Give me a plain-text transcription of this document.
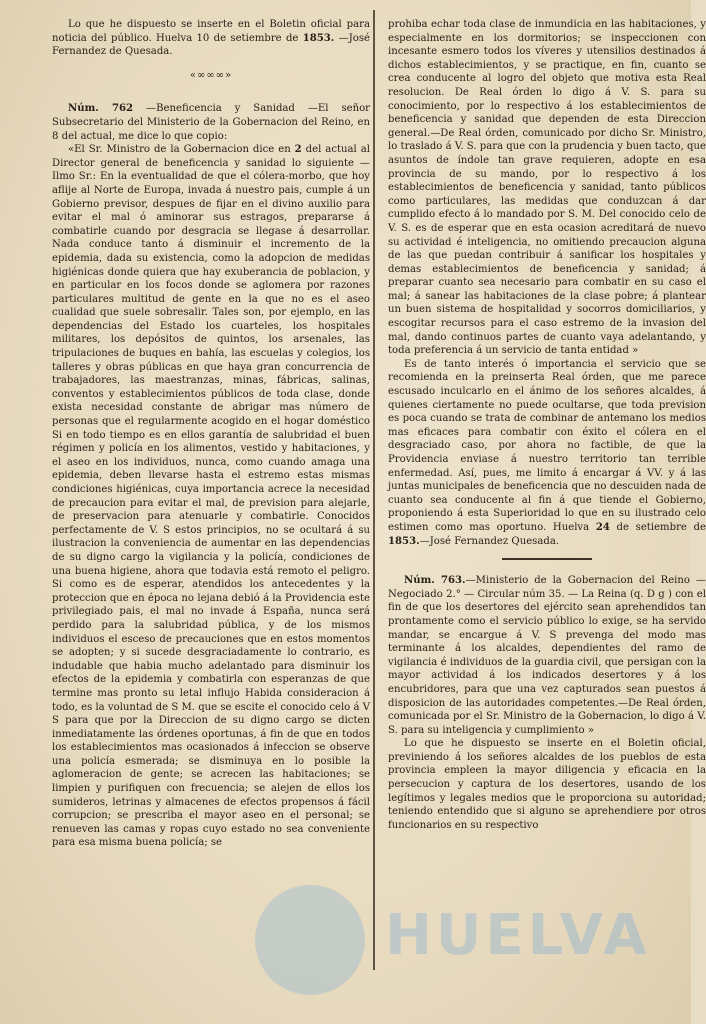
Lo que he dispuesto se inserte en el Boletin oficial para noticia del público. Huelva 10 de setiembre de 1853. —José Fernandez de Quesada.

«∞∞∞»

Núm. 762 —Beneficencia y Sanidad —El señor Subsecretario del Ministerio de la Gobernacion del Reino, en 8 del actual, me dice lo que copio:

«El Sr. Ministro de la Gobernacion dice en 2 del actual al Director general de beneficencia y sanidad lo siguiente —Ilmo Sr.: En la eventualidad de que el cólera-morbo, que hoy aflije al Norte de Europa, invada á nuestro pais, cumple á un Gobierno previsor, despues de fijar en el divino auxilio para evitar el mal ó aminorar sus estragos, prepararse á combatirle cuando por desgracia se llegase á desarrollar. Nada conduce tanto á disminuir el incremento de la epidemia, dada su existencia, como la adopcion de medidas higiénicas donde quiera que hay exuberancia de poblacion, y en particular en los focos donde se aglomera por razones particulares multitud de gente en la que no es el aseo cualidad que suele sobresalir. Tales son, por ejemplo, en las dependencias del Estado los cuarteles, los hospitales militares, los depósitos de quintos, los arsenales, las tripulaciones de buques en bahía, las escuelas y colegios, los talleres y obras públicas en que haya gran concurrencia de trabajadores, las maestranzas, minas, fábricas, salinas, conventos y establecimientos públicos de toda clase, donde exista necesidad constante de abrigar mas número de personas que el regularmente acogido en el hogar doméstico Si en todo tiempo es en ellos garantía de salubridad el buen régimen y policía en los alimentos, vestido y habitaciones, y el aseo en los individuos, nunca, como cuando amaga una epidemia, deben llevarse hasta el estremo estas mismas condiciones higiénicas, cuya importancia acrece la necesidad de precaucion para evitar el mal, de prevision para alejarle, de preservacion para atenuarle y combatirle. Conocidos perfectamente de V. S estos principios, no se ocultará á su ilustracion la conveniencia de aumentar en las dependencias de su digno cargo la vigilancia y la policía, condiciones de una buena higiene, ahora que todavia está remoto el peligro. Si como es de esperar, atendidos los antecedentes y la proteccion que en época no lejana debió á la Providencia este privilegiado pais, el mal no invade á España, nunca será perdido para la salubridad pública, y de los mismos individuos el esceso de precauciones que en estos momentos se adopten; y si sucede desgraciadamente lo contrario, es indudable que habia mucho adelantado para disminuir los efectos de la epidemia y combatirla con esperanzas de que termine mas pronto su letal influjo Habida consideracion á todo, es la voluntad de S M. que se escite el conocido celo á V S para que por la Direccion de su digno cargo se dicten inmediatamente las órdenes oportunas, á fin de que en todos los establecimientos mas ocasionados á infeccion se observe una policía esmerada; se disminuya en lo posible la aglomeracion de gente; se acrecen las habitaciones; se limpien y purifiquen con frecuencia; se alejen de ellos los sumideros, letrinas y almacenes de efectos propensos á fácil corrupcion; se prescriba el mayor aseo en el personal; se renueven las camas y ropas cuyo estado no sea conveniente para esa misma buena policía; se

prohiba echar toda clase de inmundicia en las habitaciones, y especialmente en los dormitorios; se inspeccionen con incesante esmero todos los víveres y utensilios destinados á dichos establecimientos, y se practique, en fin, cuanto se crea conducente al logro del objeto que motiva esta Real resolucion. De Real órden lo digo á V. S. para su conocimiento, por lo respectivo á los establecimientos de beneficencia y sanidad que dependen de esta Direccion general.—De Real órden, comunicado por dicho Sr. Ministro, lo traslado á V. S. para que con la prudencia y buen tacto, que asuntos de índole tan grave requieren, adopte en esa provincia de su mando, por lo respectivo á los establecimientos de beneficencia y sanidad, tanto públicos como particulares, las medidas que conduzcan á dar cumplido efecto á lo mandado por S. M. Del conocido celo de V. S. es de esperar que en esta ocasion acreditará de nuevo su actividad é inteligencia, no omitiendo precaucion alguna de las que puedan contribuir á sanificar los hospitales y demas establecimientos de beneficencia y sanidad; á preparar cuanto sea necesario para combatir en su caso el mal; á sanear las habitaciones de la clase pobre; á plantear un buen sistema de hospitalidad y socorros domiciliarios, y escogitar recursos para el caso estremo de la invasion del mal, dando continuos partes de cuanto vaya adelantando, y toda preferencia á un servicio de tanta entidad »

Es de tanto interés ó importancia el servicio que se recomienda en la preinserta Real órden, que me parece escusado inculcarlo en el ánimo de los señores alcaldes, á quienes ciertamente no puede ocultarse, que toda prevision es poca cuando se trata de combinar de antemano los medios mas eficaces para combatir con éxito el cólera en el desgraciado caso, por ahora no factible, de que la Providencia enviase á nuestro territorio tan terrible enfermedad. Así, pues, me limito á encargar á VV. y á las juntas municipales de beneficencia que no descuiden nada de cuanto sea conducente al fin á que tiende el Gobierno, proponiendo á esta Superioridad lo que en su ilustrado celo estimen como mas oportuno. Huelva 24 de setiembre de 1853.—José Fernandez Quesada.

Núm. 763.—Ministerio de la Gobernacion del Reino —Negociado 2.° — Circular núm 35. — La Reina (q. D g ) con el fin de que los desertores del ejército sean aprehendidos tan prontamente como el servicio público lo exige, se ha servido mandar, se encargue á V. S prevenga del modo mas terminante á los alcaldes, dependientes del ramo de vigilancia é individuos de la guardia civil, que persigan con la mayor actividad á los indicados desertores y á los encubridores, para que una vez capturados sean puestos á disposicion de las autoridades competentes.—De Real órden, comunicada por el Sr. Ministro de la Gobernacion, lo digo á V. S. para su inteligencia y cumplimiento »

Lo que he dispuesto se inserte en el Boletin oficial, previniendo á los señores alcaldes de los pueblos de esta provincia empleen la mayor diligencia y eficacia en la persecucion y captura de los desertores, usando de los legítimos y legales medios que le proporciona su autoridad; teniendo entendido que si alguno se aprehendiere por otros funcionarios en su respectivo

HUELVA
